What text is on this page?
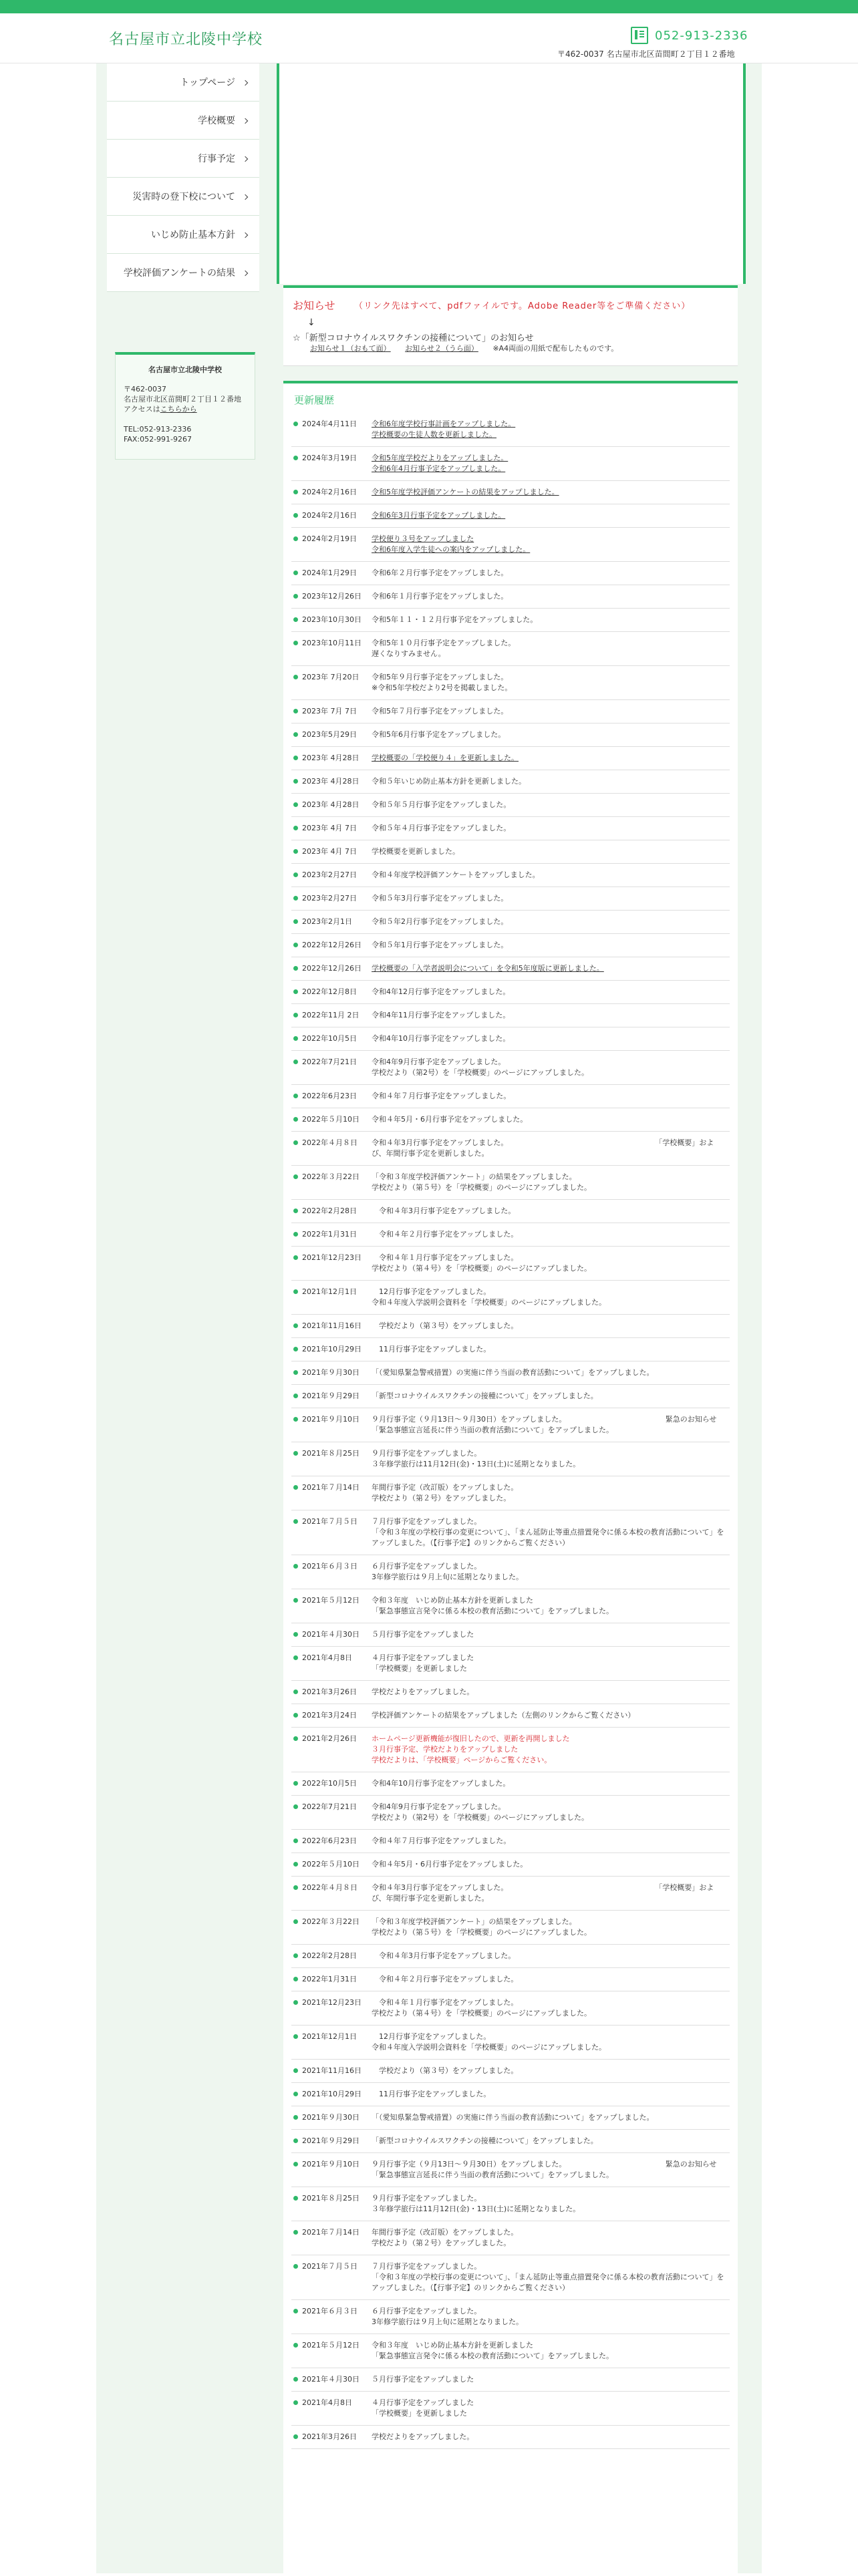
名古屋市立北陵中学校	052-913-2336
〒462-0037 名古屋市北区苗間町２丁目１２番地
トップページ
学校概要
行事予定
災害時の登下校について
いじめ防止基本方針
学校評価アンケートの結果
名古屋市立北陵中学校
〒462-0037
名古屋市北区苗間町２丁目１２番地
アクセスはこちらから
TEL:052-913-2336
FAX:052-991-9267
お知らせ （リンク先はすべて、pdfファイルです。Adobe Reader等をご準備ください）
↓
☆「新型コロナウイルスワクチンの接種について」のお知らせ
お知らせ１（おもて面） お知らせ２（うら面） ※A4両面の用紙で配布したものです。
更新履歴
2024年4月11日	令和6年度学校行事計画をアップしました。
学校概要の生徒人数を更新しました。
2024年3月19日	令和5年度学校だよりをアップしました。
令和6年4月行事予定をアップしました。
2024年2月16日	令和5年度学校評価アンケートの結果をアップしました。
2024年2月16日	令和6年3月行事予定をアップしました。
2024年2月19日	学校便り３号をアップしました
令和6年度入学生徒への案内をアップしました。
2024年1月29日	令和6年２月行事予定をアップしました。
2023年12月26日	令和6年１月行事予定をアップしました。
2023年10月30日	令和5年１１・１２月行事予定をアップしました。
2023年10月11日	令和5年１０月行事予定をアップしました。
遅くなりすみません。
2023年 7月20日	令和5年９月行事予定をアップしました。
※令和5年学校だより2号を掲載しました。
2023年 7月 7日	令和5年７月行事予定をアップしました。
2023年5月29日	令和5年6月行事予定をアップしました。
2023年 4月28日	学校概要の「学校便り４」を更新しました。
2023年 4月28日	令和５年いじめ防止基本方針を更新しました。
2023年 4月28日	令和５年５月行事予定をアップしました。
2023年 4月 7日	令和５年４月行事予定をアップしました。
2023年 4月 7日	学校概要を更新しました。
2023年2月27日	令和４年度学校評価アンケートをアップしました。
2023年2月27日	令和５年3月行事予定をアップしました。
2023年2月1日	令和５年2月行事予定をアップしました。
2022年12月26日	令和５年1月行事予定をアップしました。
2022年12月26日	学校概要の「入学者説明会について」を令和5年度版に更新しました。
2022年12月8日	令和4年12月行事予定をアップしました。
2022年11月 2日	令和4年11月行事予定をアップしました。
2022年10月5日	令和4年10月行事予定をアップしました。
2022年7月21日	令和4年9月行事予定をアップしました。
学校だより（第2号）を「学校概要」のページにアップしました。
2022年6月23日	令和４年７月行事予定をアップしました。
2022年５月10日	令和４年5月・6月行事予定をアップしました。
2022年４月８日	令和４年3月行事予定をアップしました。　　　　　　　　　　　　　　　　　　　　　「学校概要」および、年間行事予定を更新しました。
2022年３月22日	「令和３年度学校評価アンケート」の結果をアップしました。
学校だより（第５号）を「学校概要」のページにアップしました。
2022年2月28日	　令和４年3月行事予定をアップしました。
2022年1月31日	　令和４年２月行事予定をアップしました。
2021年12月23日	　令和４年１月行事予定をアップしました。
学校だより（第４号）を「学校概要」のページにアップしました。
2021年12月1日	　12月行事予定をアップしました。
令和４年度入学説明会資料を「学校概要」のページにアップしました。
2021年11月16日	　学校だより（第３号）をアップしました。
2021年10月29日	　11月行事予定をアップしました。
2021年９月30日	「（愛知県緊急警戒措置）の実施に伴う当面の教育活動について」をアップしました。
2021年９月29日	「新型コロナウイルスワクチンの接種について」をアップしました。
2021年９月10日	９月行事予定（９月13日～９月30日）をアップしました。　　　　　　　　　　　　　　緊急のお知らせ「緊急事態宣言延長に伴う当面の教育活動について」をアップしました。
2021年８月25日	９月行事予定をアップしました。
３年修学旅行は11月12日(金)・13日(土)に延期となりました。
2021年７月14日	年間行事予定（改訂版）をアップしました。
学校だより（第２号）をアップしました。
2021年７月５日	７月行事予定をアップしました。
「令和３年度の学校行事の変更について」、「まん延防止等重点措置発令に係る本校の教育活動について」をアップしました。（【行事予定】のリンクからご覧ください）
2021年６月３日	６月行事予定をアップしました。
3年修学旅行は９月上旬に延期となりました。
2021年５月12日	令和３年度　いじめ防止基本方針を更新しました
「緊急事態宣言発令に係る本校の教育活動について」をアップしました。
2021年４月30日	５月行事予定をアップしました
2021年4月8日	４月行事予定をアップしました
「学校概要」を更新しました
2021年3月26日	学校だよりをアップしました。
2021年3月24日	学校評価アンケートの結果をアップしました（左側のリンクからご覧ください）
2021年2月26日	ホームページ更新機能が復旧したので、更新を再開しました
３月行事予定、学校だよりをアップしました
学校だよりは、「学校概要」ページからご覧ください。
2022年10月5日	令和4年10月行事予定をアップしました。
2022年7月21日	令和4年9月行事予定をアップしました。
学校だより（第2号）を「学校概要」のページにアップしました。
2022年6月23日	令和４年７月行事予定をアップしました。
2022年５月10日	令和４年5月・6月行事予定をアップしました。
2022年４月８日	令和４年3月行事予定をアップしました。　　　　　　　　　　　　　　　　　　　　　「学校概要」および、年間行事予定を更新しました。
2022年３月22日	「令和３年度学校評価アンケート」の結果をアップしました。
学校だより（第５号）を「学校概要」のページにアップしました。
2022年2月28日	　令和４年3月行事予定をアップしました。
2022年1月31日	　令和４年２月行事予定をアップしました。
2021年12月23日	　令和４年１月行事予定をアップしました。
学校だより（第４号）を「学校概要」のページにアップしました。
2021年12月1日	　12月行事予定をアップしました。
令和４年度入学説明会資料を「学校概要」のページにアップしました。
2021年11月16日	　学校だより（第３号）をアップしました。
2021年10月29日	　11月行事予定をアップしました。
2021年９月30日	「（愛知県緊急警戒措置）の実施に伴う当面の教育活動について」をアップしました。
2021年９月29日	「新型コロナウイルスワクチンの接種について」をアップしました。
2021年９月10日	９月行事予定（９月13日～９月30日）をアップしました。　　　　　　　　　　　　　　緊急のお知らせ「緊急事態宣言延長に伴う当面の教育活動について」をアップしました。
2021年８月25日	９月行事予定をアップしました。
３年修学旅行は11月12日(金)・13日(土)に延期となりました。
2021年７月14日	年間行事予定（改訂版）をアップしました。
学校だより（第２号）をアップしました。
2021年７月５日	７月行事予定をアップしました。
「令和３年度の学校行事の変更について」、「まん延防止等重点措置発令に係る本校の教育活動について」をアップしました。（【行事予定】のリンクからご覧ください）
2021年６月３日	６月行事予定をアップしました。
3年修学旅行は９月上旬に延期となりました。
2021年５月12日	令和３年度　いじめ防止基本方針を更新しました
「緊急事態宣言発令に係る本校の教育活動について」をアップしました。
2021年４月30日	５月行事予定をアップしました
2021年4月8日	４月行事予定をアップしました
「学校概要」を更新しました
2021年3月26日	学校だよりをアップしました。
